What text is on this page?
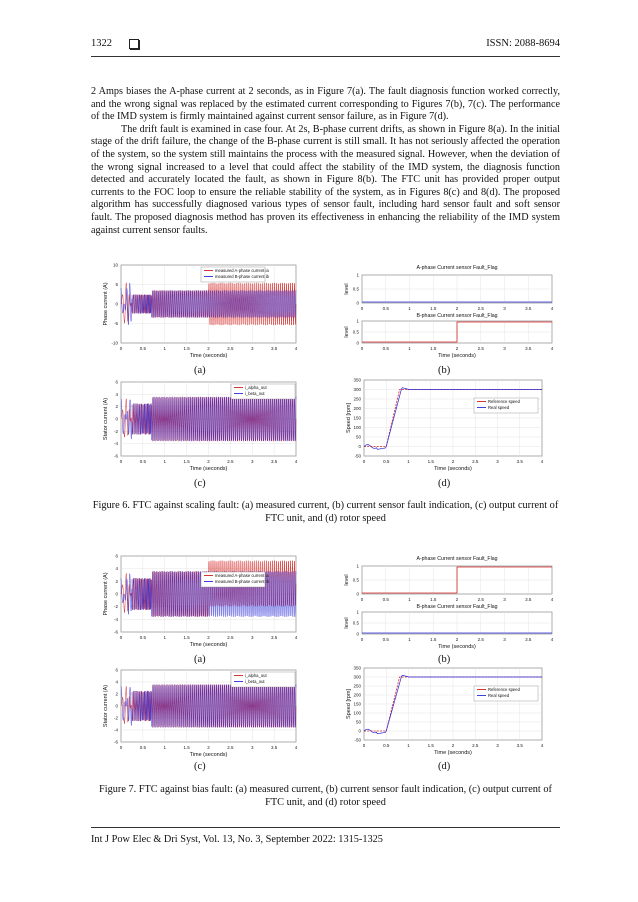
1322	ISSN: 2088-8694

2 Amps biases the A-phase current at 2 seconds, as in Figure 7(a). The fault diagnosis function worked correctly, and the wrong signal was replaced by the estimated current corresponding to Figures 7(b), 7(c). The performance of the IMD system is firmly maintained against current sensor failure, as in Figure 7(d).

The drift fault is examined in case four. At 2s, B-phase current drifts, as shown in Figure 8(a). In the initial stage of the drift failure, the change of the B-phase current is still small. It has not seriously affected the operation of the system, so the system still maintains the process with the measured signal. However, when the deviation of the wrong signal increased to a level that could affect the stability of the IMD system, the diagnosis function detected and accurately located the fault, as shown in Figure 8(b). The FTC unit has provided proper output currents to the FOC loop to ensure the reliable stability of the system, as in Figures 8(c) and 8(d). The proposed algorithm has successfully diagnosed various types of sensor fault, including hard sensor fault and soft sensor fault. The proposed diagnosis method has proven its effectiveness in enhancing the reliability of the IMD system against current sensor faults.

0	0.5	1	1.5	2	2.5	3	3.5	4
10
5
0
-5
-10
Time (seconds)
Phase current (A)
measured A-phase current ia
measured B-phase current ib
A-phase Current sensor Fault_Flag
0	0.5	1	1.5	2	2.5	3	3.5	4
1
0.5
0
level
B-phase Current sensor Fault_Flag
0	0.5	1	1.5	2	2.5	3	3.5	4
1
0.5
0
Time (seconds)
level
(a)	(b)
0	0.5	1	1.5	2	2.5	3	3.5	4
6
4
2
0
-2
-4
-6
Time (seconds)
Stator current (A)
i_alpha_out
i_beta_out
0	0.5	1	1.5	2	2.5	3	3.5	4
350
300
250
200
150
100
50
0
-50
Time (seconds)
Speed [rpm]
Reference speed
Real speed
(c)	(d)
Figure 6. FTC against scaling fault: (a) measured current, (b) current sensor fault indication, (c) output current of FTC unit, and (d) rotor speed
0	0.5	1	1.5	2	2.5	3	3.5	4
6
4
2
0
-2
-4
-6
Time (seconds)
Phase current (A)	measured A-phase current ia
measured B-phase current ib
A-phase Current sensor Fault_Flag
0	0.5	1	1.5	2	2.5	3	3.5	4
1
0.5
0
level
B-phase Current sensor Fault_Flag
0	0.5	1	1.5	2	2.5	3	3.5	4
1
0.5
0
Time (seconds)
level
(a)	(b)
0	0.5	1	1.5	2	2.5	3	3.5	4
6
4
2
0
-2
-4
-6
Time (seconds)
Stator current (A)
i_alpha_out
i_beta_out
0	0.5	1	1.5	2	2.5	3	3.5	4
350
300
250
200
150
100
50
0
-50
Time (seconds)
Speed [rpm]	Reference speed
Real speed
(c)	(d)
Figure 7. FTC against bias fault: (a) measured current, (b) current sensor fault indication, (c) output current of FTC unit, and (d) rotor speed
Int J Pow Elec & Dri Syst, Vol. 13, No. 3, September 2022: 1315-1325
